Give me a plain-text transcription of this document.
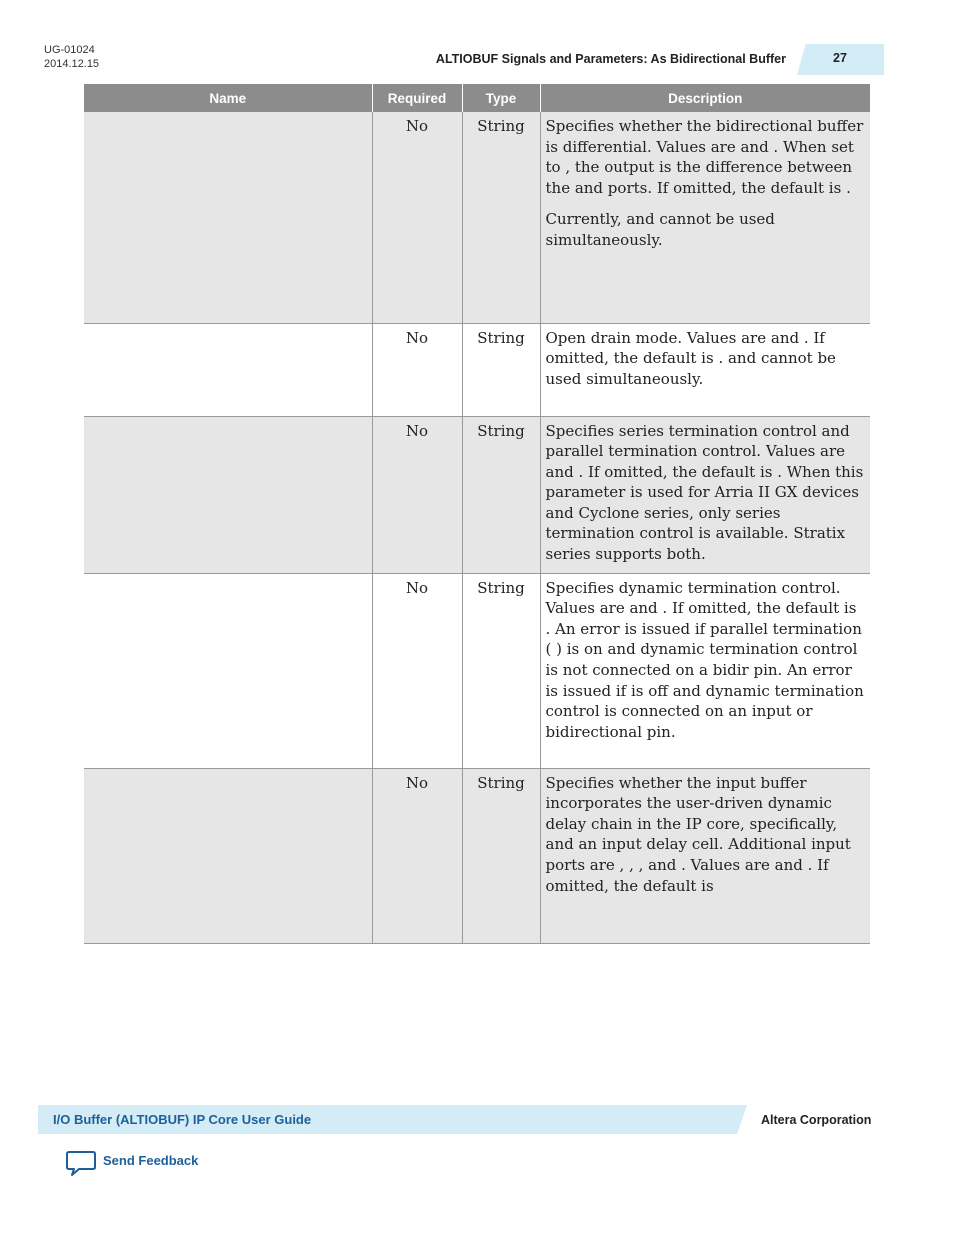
UG-01024
2014.12.15	ALTIOBUF Signals and Parameters: As Bidirectional Buffer	27
Name	Required	Type	Description
	No	String	Specifies whether the bidirectional buffer is differential. Values are and . When set to , the output is the difference between the and ports. If omitted, the default is .

Currently, and cannot be used simultaneously.

	No	String	Open drain mode. Values are and . If omitted, the default is . and cannot be used simultaneously.

	No	String	Specifies series termination control and parallel termination control. Values are and . If omitted, the default is . When this parameter is used for Arria II GX devices and Cyclone series, only series termination control is available. Stratix series supports both.

	No	String	Specifies dynamic termination control. Values are and . If omitted, the default is . An error is issued if parallel termination ( ) is on and dynamic termination control is not connected on a bidir pin. An error is issued if is off and dynamic termination control is connected on an input or bidirectional pin.

	No	String	Specifies whether the input buffer incorporates the user-driven dynamic delay chain in the IP core, specifically, and an input delay cell. Additional input ports are , , , and . Values are and . If omitted, the default is

I/O Buffer (ALTIOBUF) IP Core User Guide	Altera Corporation
Send Feedback
